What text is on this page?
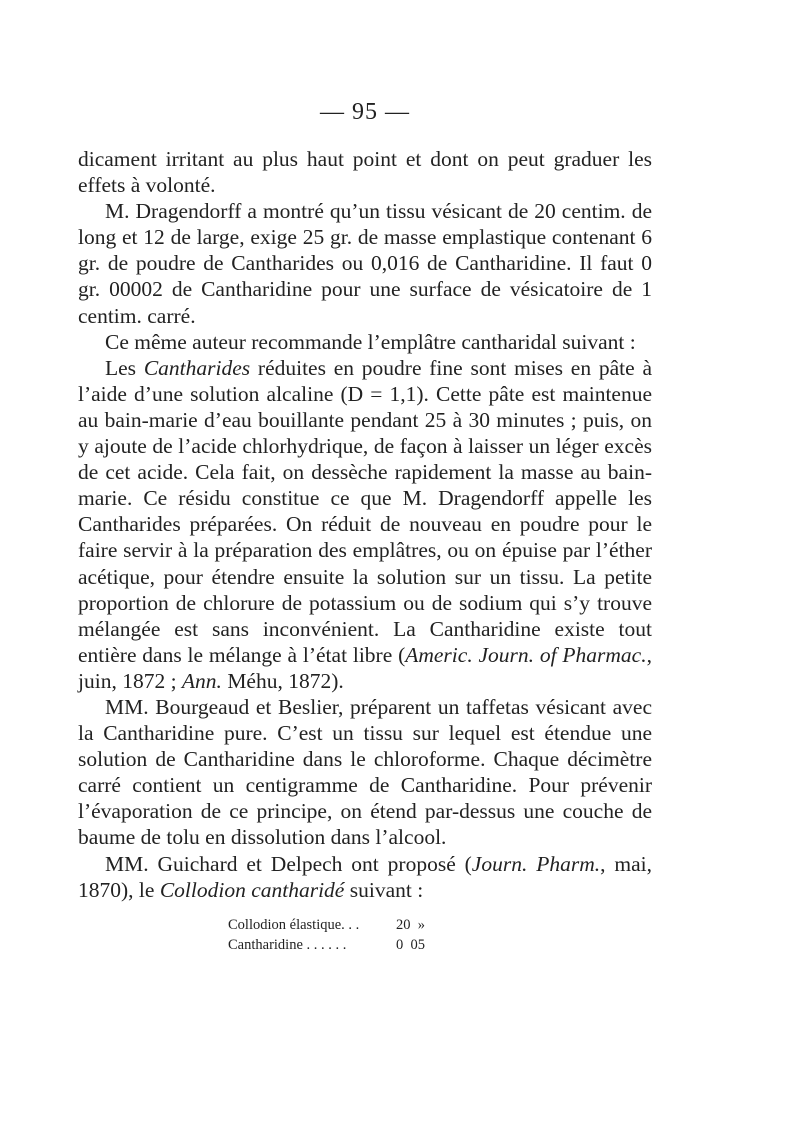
— 95 —

dicament irritant au plus haut point et dont on peut graduer les effets à volonté.

M. Dragendorff a montré qu’un tissu vésicant de 20 centim. de long et 12 de large, exige 25 gr. de masse emplastique contenant 6 gr. de poudre de Cantharides ou 0,016 de Cantharidine. Il faut 0 gr. 00002 de Cantharidine pour une surface de vésicatoire de 1 centim. carré.

Ce même auteur recommande l’emplâtre cantharidal suivant :

Les Cantharides réduites en poudre fine sont mises en pâte à l’aide d’une solution alcaline (D = 1,1). Cette pâte est maintenue au bain-marie d’eau bouillante pendant 25 à 30 minutes ; puis, on y ajoute de l’acide chlorhydrique, de façon à laisser un léger excès de cet acide. Cela fait, on dessèche rapidement la masse au bain-marie. Ce résidu constitue ce que M. Dragendorff appelle les Cantharides préparées. On réduit de nouveau en poudre pour le faire servir à la préparation des emplâtres, ou on épuise par l’éther acétique, pour étendre ensuite la solution sur un tissu. La petite proportion de chlorure de potassium ou de sodium qui s’y trouve mélangée est sans inconvénient. La Cantharidine existe tout entière dans le mélange à l’état libre (Americ. Journ. of Pharmac., juin, 1872 ; Ann. Méhu, 1872).

MM. Bourgeaud et Beslier, préparent un taffetas vésicant avec la Cantharidine pure. C’est un tissu sur lequel est étendue une solution de Cantharidine dans le chloroforme. Chaque décimètre carré contient un centigramme de Cantharidine. Pour prévenir l’évaporation de ce principe, on étend par-dessus une couche de baume de tolu en dissolution dans l’alcool.

MM. Guichard et Delpech ont proposé (Journ. Pharm., mai, 1870), le Collodion cantharidé suivant :

Collodion élastique. . .	20  »
Cantharidine . . . . . .	0  05
